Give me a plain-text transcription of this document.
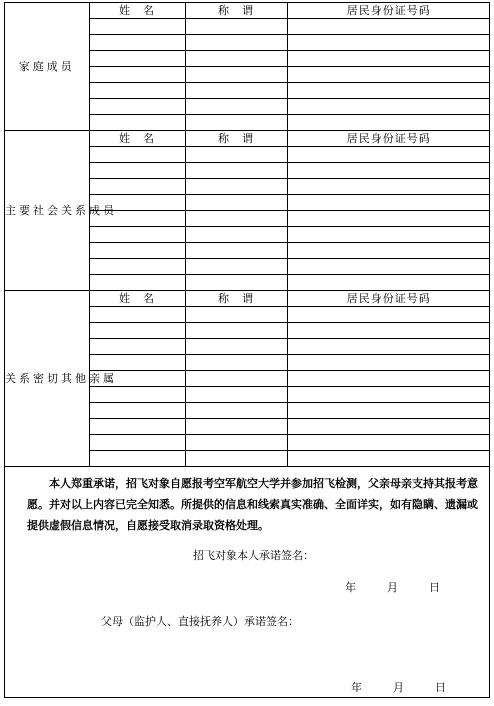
家庭成员	姓　名	称　谓	居民身份证号码

主要社会关系成员	姓　名	称　谓	居民身份证号码

关系密切其他亲属	姓　名	称　谓	居民身份证号码

本人郑重承诺，招飞对象自愿报考空军航空大学并参加招飞检测，父亲母亲支持其报考意愿。并对以上内容已完全知悉。所提供的信息和线索真实准确、全面详实，如有隐瞒、遗漏或提供虚假信息情况，自愿接受取消录取资格处理。
招飞对象本人承诺签名：
年	月	日
父母（监护人、直接抚养人）承诺签名：
年	月	日
